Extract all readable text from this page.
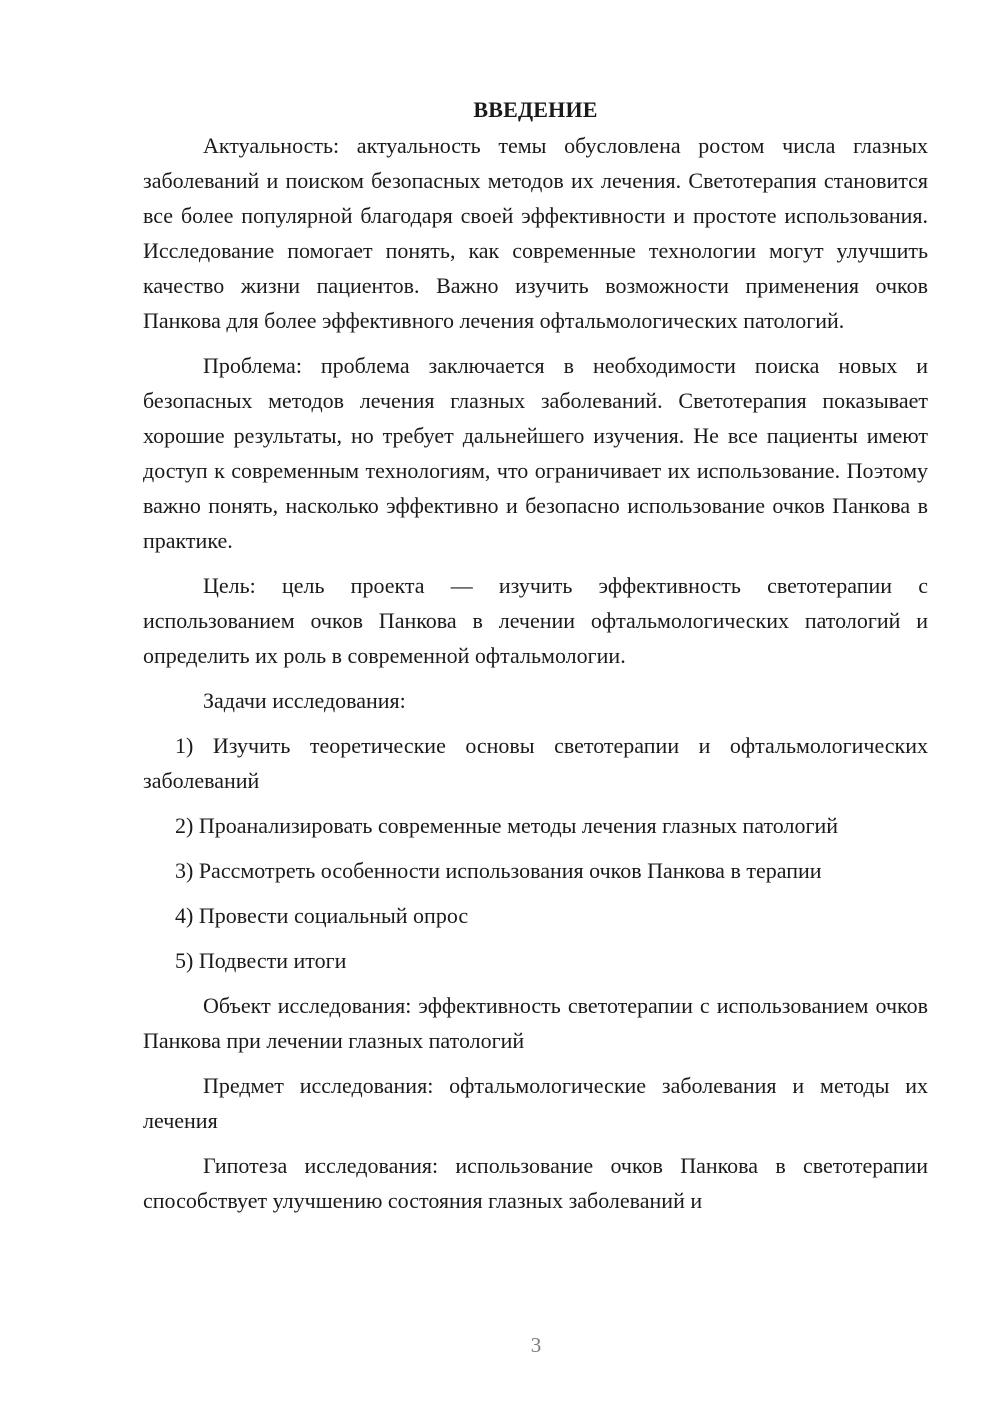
ВВЕДЕНИЕ

Актуальность: актуальность темы обусловлена ростом числа глазных заболеваний и поиском безопасных методов их лечения. Светотерапия становится все более популярной благодаря своей эффективности и простоте использования. Исследование помогает понять, как современные технологии могут улучшить качество жизни пациентов. Важно изучить возможности применения очков Панкова для более эффективного лечения офтальмологических патологий.

Проблема: проблема заключается в необходимости поиска новых и безопасных методов лечения глазных заболеваний. Светотерапия показывает хорошие результаты, но требует дальнейшего изучения. Не все пациенты имеют доступ к современным технологиям, что ограничивает их использование. Поэтому важно понять, насколько эффективно и безопасно использование очков Панкова в практике.

Цель: цель проекта — изучить эффективность светотерапии с использованием очков Панкова в лечении офтальмологических патологий и определить их роль в современной офтальмологии.

Задачи исследования:

1) Изучить теоретические основы светотерапии и офтальмологических заболеваний

2) Проанализировать современные методы лечения глазных патологий

3) Рассмотреть особенности использования очков Панкова в терапии

4) Провести социальный опрос

5) Подвести итоги

Объект исследования: эффективность светотерапии с использованием очков Панкова при лечении глазных патологий

Предмет исследования: офтальмологические заболевания и методы их лечения

Гипотеза исследования: использование очков Панкова в светотерапии способствует улучшению состояния глазных заболеваний и

3
